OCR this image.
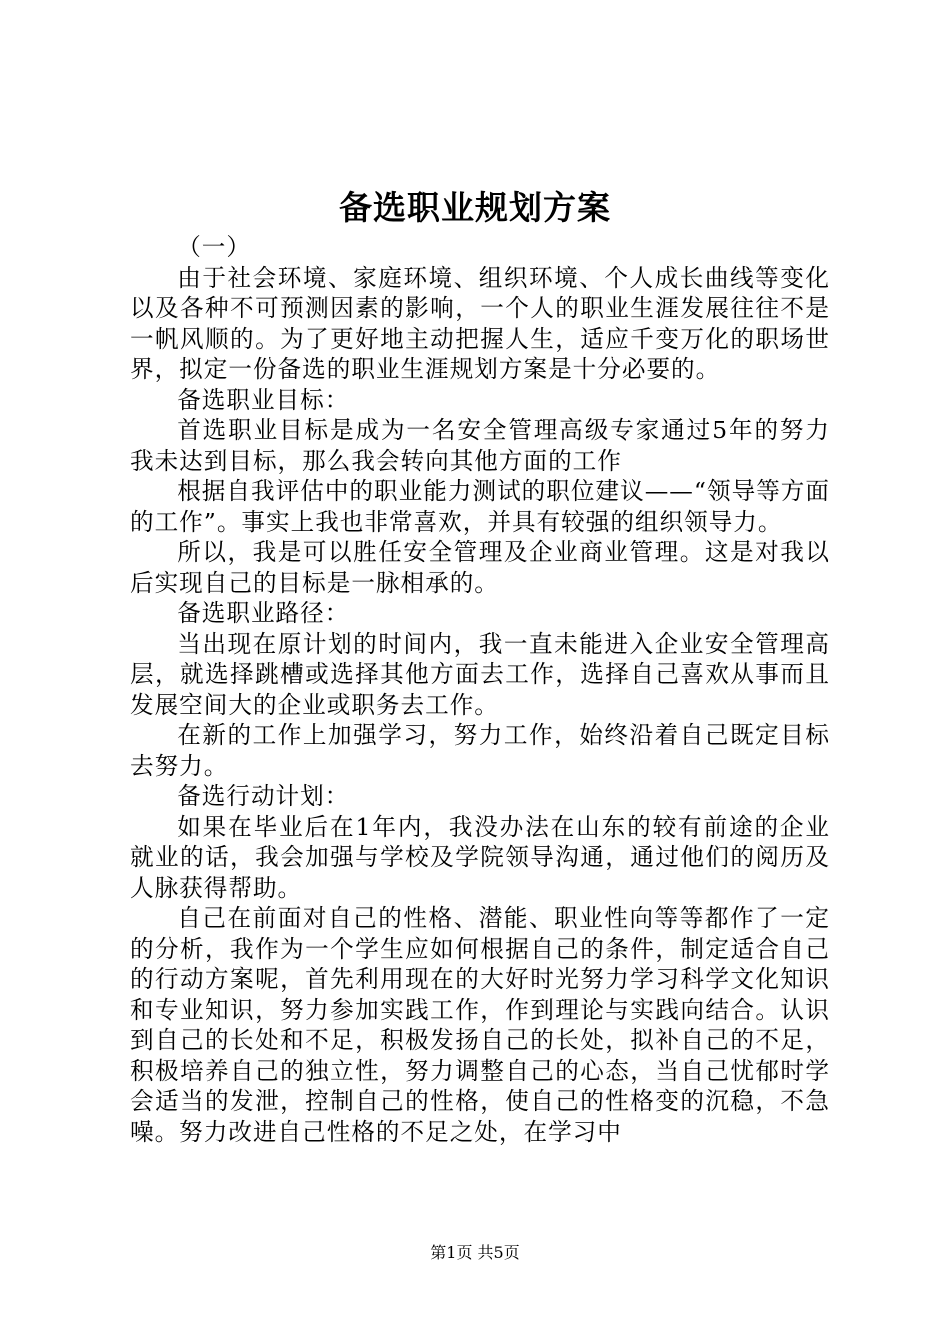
备选职业规划方案

（一）

由于社会环境、家庭环境、组织环境、个人成长曲线等变化以及各种不可预测因素的影响，一个人的职业生涯发展往往不是一帆风顺的。为了更好地主动把握人生，适应千变万化的职场世界，拟定一份备选的职业生涯规划方案是十分必要的。

备选职业目标：

首选职业目标是成为一名安全管理高级专家通过5年的努力我未达到目标，那么我会转向其他方面的工作

根据自我评估中的职业能力测试的职位建议——“领导等方面的工作”。事实上我也非常喜欢，并具有较强的组织领导力。

所以，我是可以胜任安全管理及企业商业管理。这是对我以后实现自己的目标是一脉相承的。

备选职业路径：

当出现在原计划的时间内，我一直未能进入企业安全管理高层，就选择跳槽或选择其他方面去工作，选择自己喜欢从事而且发展空间大的企业或职务去工作。

在新的工作上加强学习，努力工作，始终沿着自己既定目标去努力。

备选行动计划：

如果在毕业后在1年内，我没办法在山东的较有前途的企业就业的话，我会加强与学校及学院领导沟通，通过他们的阅历及人脉获得帮助。

自己在前面对自己的性格、潜能、职业性向等等都作了一定的分析，我作为一个学生应如何根据自己的条件，制定适合自己的行动方案呢，首先利用现在的大好时光努力学习科学文化知识和专业知识，努力参加实践工作，作到理论与实践向结合。认识到自己的长处和不足，积极发扬自己的长处，拟补自己的不足，积极培养自己的独立性，努力调整自己的心态，当自己忧郁时学会适当的发泄，控制自己的性格，使自己的性格变的沉稳，不急噪。努力改进自己性格的不足之处，在学习中

第1页 共5页
